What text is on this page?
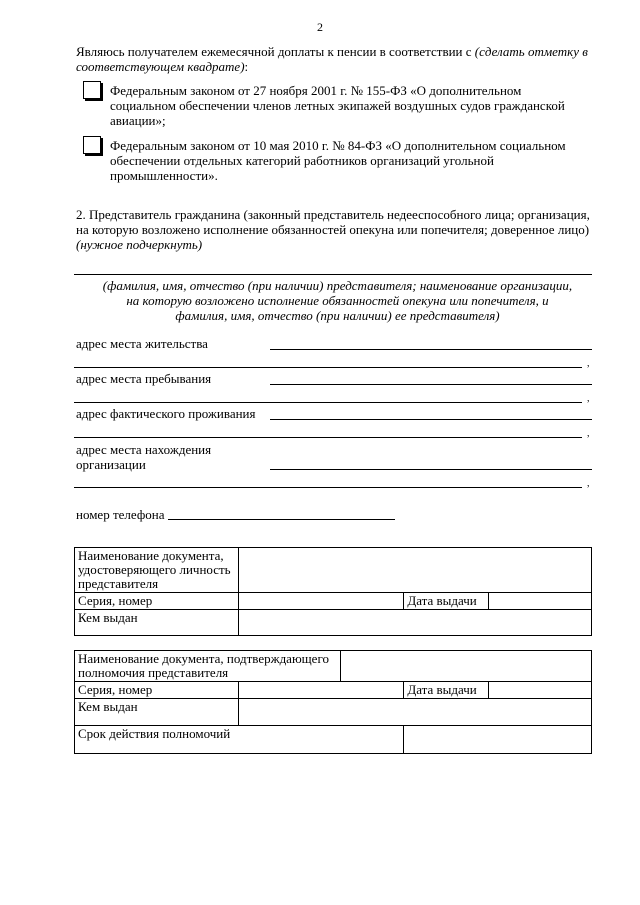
2
Являюсь получателем ежемесячной доплаты к пенсии в соответствии с (сделать отметку в соответствующем квадрате):
Федеральным законом от 27 ноября 2001 г. № 155-ФЗ «О дополнительном социальном обеспечении членов летных экипажей воздушных судов гражданской авиации»;
Федеральным законом от 10 мая 2010 г. № 84-ФЗ «О дополнительном социальном обеспечении отдельных категорий работников организаций угольной промышленности».
2. Представитель гражданина (законный представитель недееспособного лица; организация, на которую возложено исполнение обязанностей опекуна или попечителя; доверенное лицо) (нужное подчеркнуть)
(фамилия, имя, отчество (при наличии) представителя; наименование организации, на которую возложено исполнение обязанностей опекуна или попечителя, и фамилия, имя, отчество (при наличии) ее представителя)
адрес места жительства
,
адрес места пребывания
,
адрес фактического проживания
,
адрес места нахождения организации
,
номер телефона
Наименование документа, удостоверяющего личность представителя			
Серия, номер		Дата выдачи	
Кем выдан			
Наименование документа, подтверждающего полномочия представителя				
Серия, номер			Дата выдачи	
Кем выдан				
Срок действия полномочий				
